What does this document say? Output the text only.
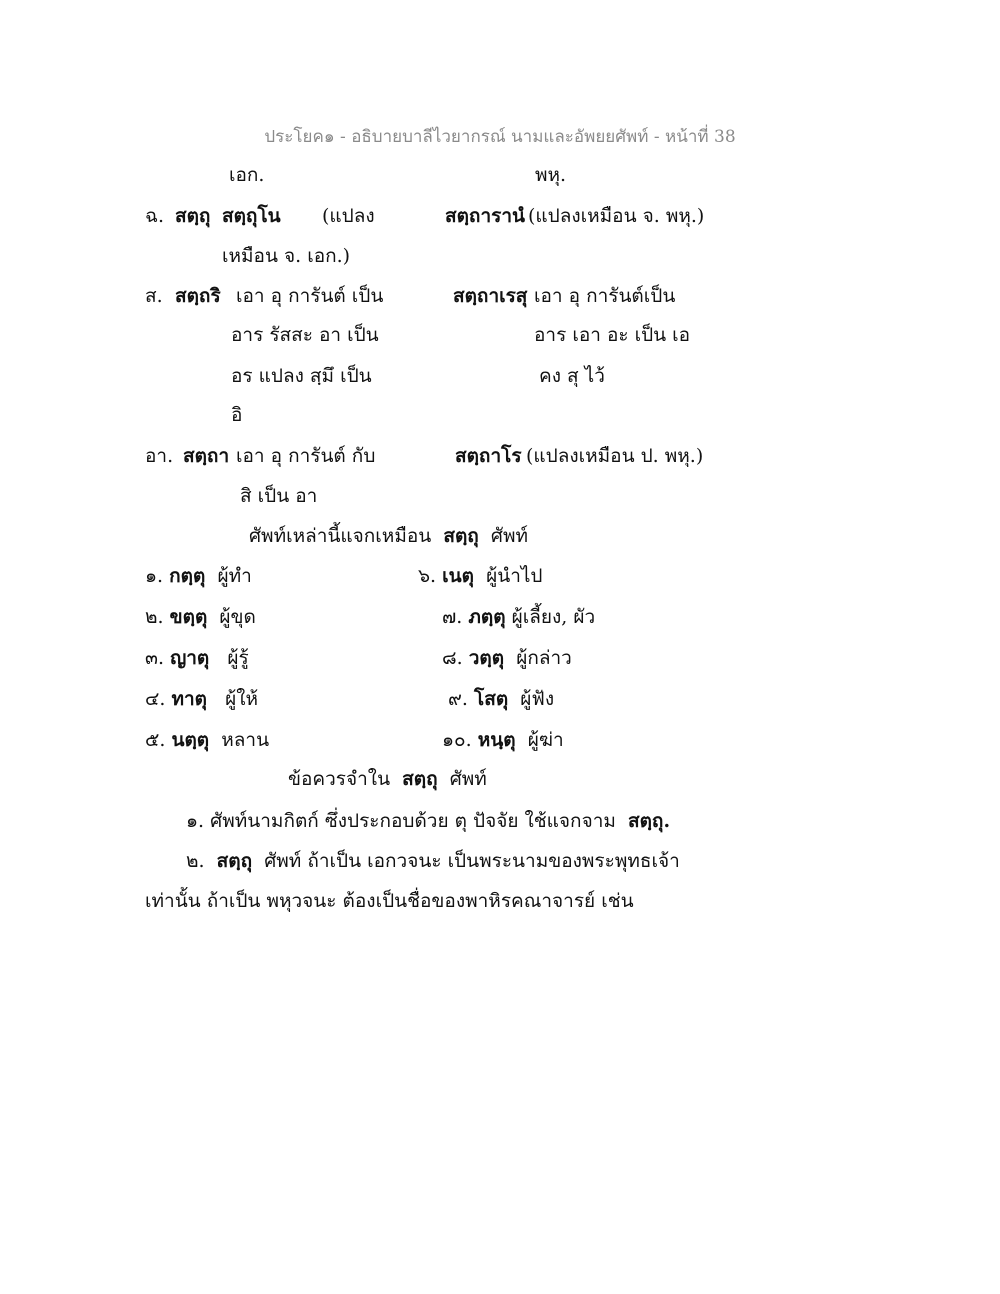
ประโยค๑ - อธิบายบาลีไวยากรณ์ นามและอัพยยศัพท์ - หน้าที่ 38
เอก.	พหุ.
ฉ. สตฺถุ สตฺถุโน (แปลง
เหมือน จ. เอก.)
สตฺถารานํ (แปลงเหมือน จ. พหุ.)
ส. สตฺถริ เอา อุ การันต์ เป็น
อาร รัสสะ อา เป็น
อร แปลง สฺมึ เป็น
อิ
สตฺถาเรสุ เอา อุ การันต์เป็น
อาร เอา อะ เป็น เอ
คง สุ ไว้
อา. สตฺถา เอา อุ การันต์ กับ
สิ เป็น อา
สตฺถาโร (แปลงเหมือน ป. พหุ.)
ศัพท์เหล่านี้แจกเหมือน สตฺถุ ศัพท์
๑. กตฺตุ ผู้ทำ
๒. ขตฺตุ ผู้ขุด
๓. ญาตุ ผู้รู้
๔. ทาตุ ผู้ให้
๕. นตฺตุ หลาน
๖. เนตุ ผู้นำไป
๗. ภตฺตุ ผู้เลี้ยง, ผัว
๘. วตฺตุ ผู้กล่าว
๙. โสตุ ผู้ฟัง
๑๐. หนฺตุ ผู้ฆ่า
ข้อควรจำใน สตฺถุ ศัพท์
๑. ศัพท์นามกิตก์ ซึ่งประกอบด้วย ตุ ปัจจัย ใช้แจกจาม สตฺถุ.
๒. สตฺถุ ศัพท์ ถ้าเป็น เอกวจนะ เป็นพระนามของพระพุทธเจ้า
เท่านั้น ถ้าเป็น พหุวจนะ ต้องเป็นชื่อของพาหิรคณาจารย์ เช่น
